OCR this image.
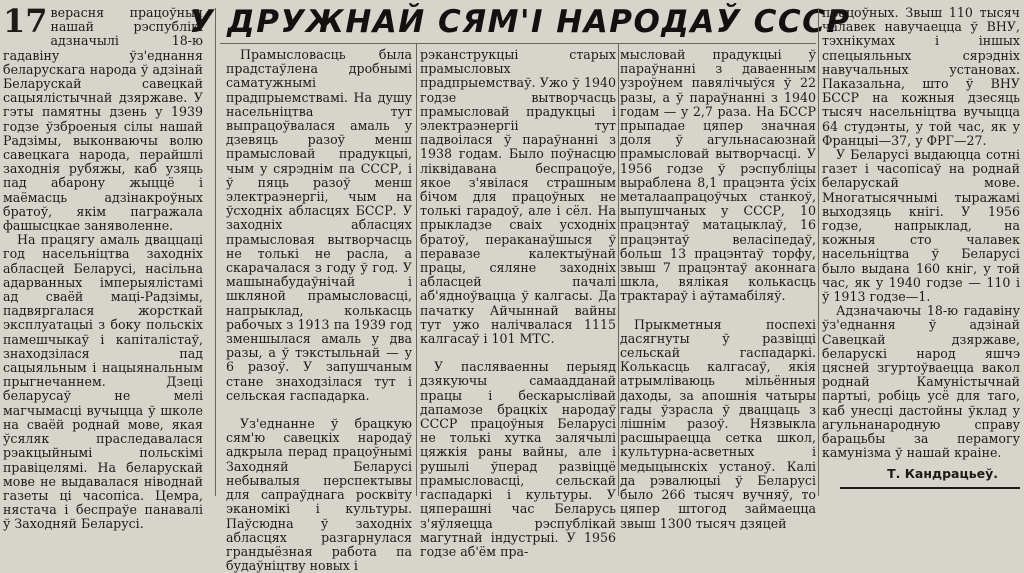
У ДРУЖНАЙ СЯМ'І НАРОДАЎ СССР

17 верасня працоўныя нашай рэспублікі адзначылі 18-ю гадавіну ўз'еднання беларускага народа ў адзінай Беларускай савецкай сацыялістычнай дзяржаве. У гэты памятны дзень у 1939 годзе ўзброеныя сілы нашай Радзімы, выконваючы волю савецкага народа, перайшлі заходнія рубяжы, каб узяць пад абарону жыццё і маёмасць адзінакроўных братоў, якім пагражала фашысцкае заняволенне.

На працягу амаль дваццаці год насельніцтва заходніх абласцей Беларусі, насільна адарванных імперыялістамі ад сваёй маці-Радзімы, падвяргалася жорсткай эксплуатацыі з боку польскіх памешчыкаў і капіталістаў, знаходзілася пад сацыяльным і нацыянальным прыгнечаннем. Дзеці беларусаў не мелі магчымасці вучыцца ў школе на сваёй роднай мове, якая ўсяляк праследавалася рэакцыйнымі польскімі правіцелямі. На беларускай мове не выдавалася ніводнай газеты ці часопіса. Цемра, нястача і беспраўе панавалі ў Заходняй Беларусі.

Прамысловасць была прадстаўлена дробнымі саматужнымі прадпрыемствамі. На душу насельніцтва тут выпрацоўвалася амаль у дзевяць разоў менш прамысловай прадукцыі, чым у сярэднім па СССР, і ў пяць разоў менш электраэнергіі, чым на ўсходніх абласцях БССР. У заходніх абласцях прамысловая вытворчасць не толькі не расла, а скарачалася з году ў год. У машынабудаўнічай і шкляной прамысловасці, напрыклад, колькасць рабочых з 1913 па 1939 год зменшылася амаль у два разы, а ў тэкстыльнай — у 6 разоў. У запушчаным стане знаходзілася тут і сельская гаспадарка.

Уз'еднанне ў брацкую сям'ю савецкіх народаў адкрыла перад працоўнымі Заходняй Беларусі небывалыя перспектывы для сапраўднага росквіту эканомікі і культуры. Паўсюдна ў заходніх абласцях разгарнулася грандыёзная работа па будаўніцтву новых і

рэканструкцыі старых прамысловых прадпрыемстваў. Ужо ў 1940 годзе вытворчасць прамысловай прадукцыі і электраэнергіі тут падвоілася ў параўнанні з 1938 годам. Было поўнасцю ліквідавана беспрацоўе, якое з'явілася страшным бічом для працоўных не толькі гарадоў, але і сёл. На прыкладзе сваіх усходніх братоў, пераканаўшыся ў перавазе калектыўнай працы, сяляне заходніх абласцей пачалі аб'ядноўвацца ў калгасы. Да пачатку Айчыннай вайны тут ужо налічвалася 1115 калгасаў і 101 МТС.

У пасляваенны перыяд дзякуючы самаадданай працы і бескарыслівай дапамозе брацкіх народаў СССР працоўныя Беларусі не толькі хутка залячылі цяжкія раны вайны, але і рушылі ўперад развіццё прамысловасці, сельскай гаспадаркі і культуры. У цяперашні час Беларусь з'яўляецца рэспублікай магутнай індустрыі. У 1956 годзе аб'ём пра-

мысловай прадукцыі ў параўнанні з даваенным узроўнем павялічыўся ў 22 разы, а ў параўнанні з 1940 годам — у 2,7 раза. На БССР прыпадае цяпер значная доля ў агульнасаюзнай прамысловай вытворчасці. У 1956 годзе ў рэспубліцы выраблена 8,1 працэнта ўсіх металаапрацоўчых станкоў, выпушчаных у СССР, 10 працэнтаў матацыклаў, 16 працэнтаў веласіпедаў, больш 13 працэнтаў торфу, звыш 7 працэнтаў аконнага шкла, вялікая колькасць трактараў і аўтамабіляў.

Прыкметныя поспехі дасягнуты ў развіцці сельскай гаспадаркі. Колькасць калгасаў, якія атрымліваюць мільённыя даходы, за апошнія чатыры гады ўзрасла ў дваццаць з лішнім разоў. Нязвыкла расшыраецца сетка школ, культурна-асветных і медыцынскіх устаноў. Калі да рэвалюцыі ў Беларусі было 266 тысяч вучняў, то цяпер штогод займаецца звыш 1300 тысяч дзяцей

працоўных. Звыш 110 тысяч чалавек навучаецца ў ВНУ, тэхнікумах і іншых спецыяльных сярэдніх навучальных установах. Паказальна, што ў ВНУ БССР на кожныя дзесяць тысяч насельніцтва вучыцца 64 студэнты, у той час, як у Францыі—37, у ФРГ—27.

У Беларусі выдаюцца сотні газет і часопісаў на роднай беларускай мове. Многатысячнымі тыражамі выходзяць кнігі. У 1956 годзе, напрыклад, на кожныя сто чалавек насельніцтва ў Беларусі было выдана 160 кніг, у той час, як у 1940 годзе — 110 і ў 1913 годзе—1.

Адзначаючы 18-ю гадавіну ўз'еднання ў адзінай Савецкай дзяржаве, беларускі народ яшчэ цясней згуртоўваецца вакол роднай Камуністычнай партыі, робіць усё для таго, каб унесці дастойны ўклад у агульнанародную справу барацьбы за перамогу камунізма ў нашай краіне.

Т. Кандрацьеў.
